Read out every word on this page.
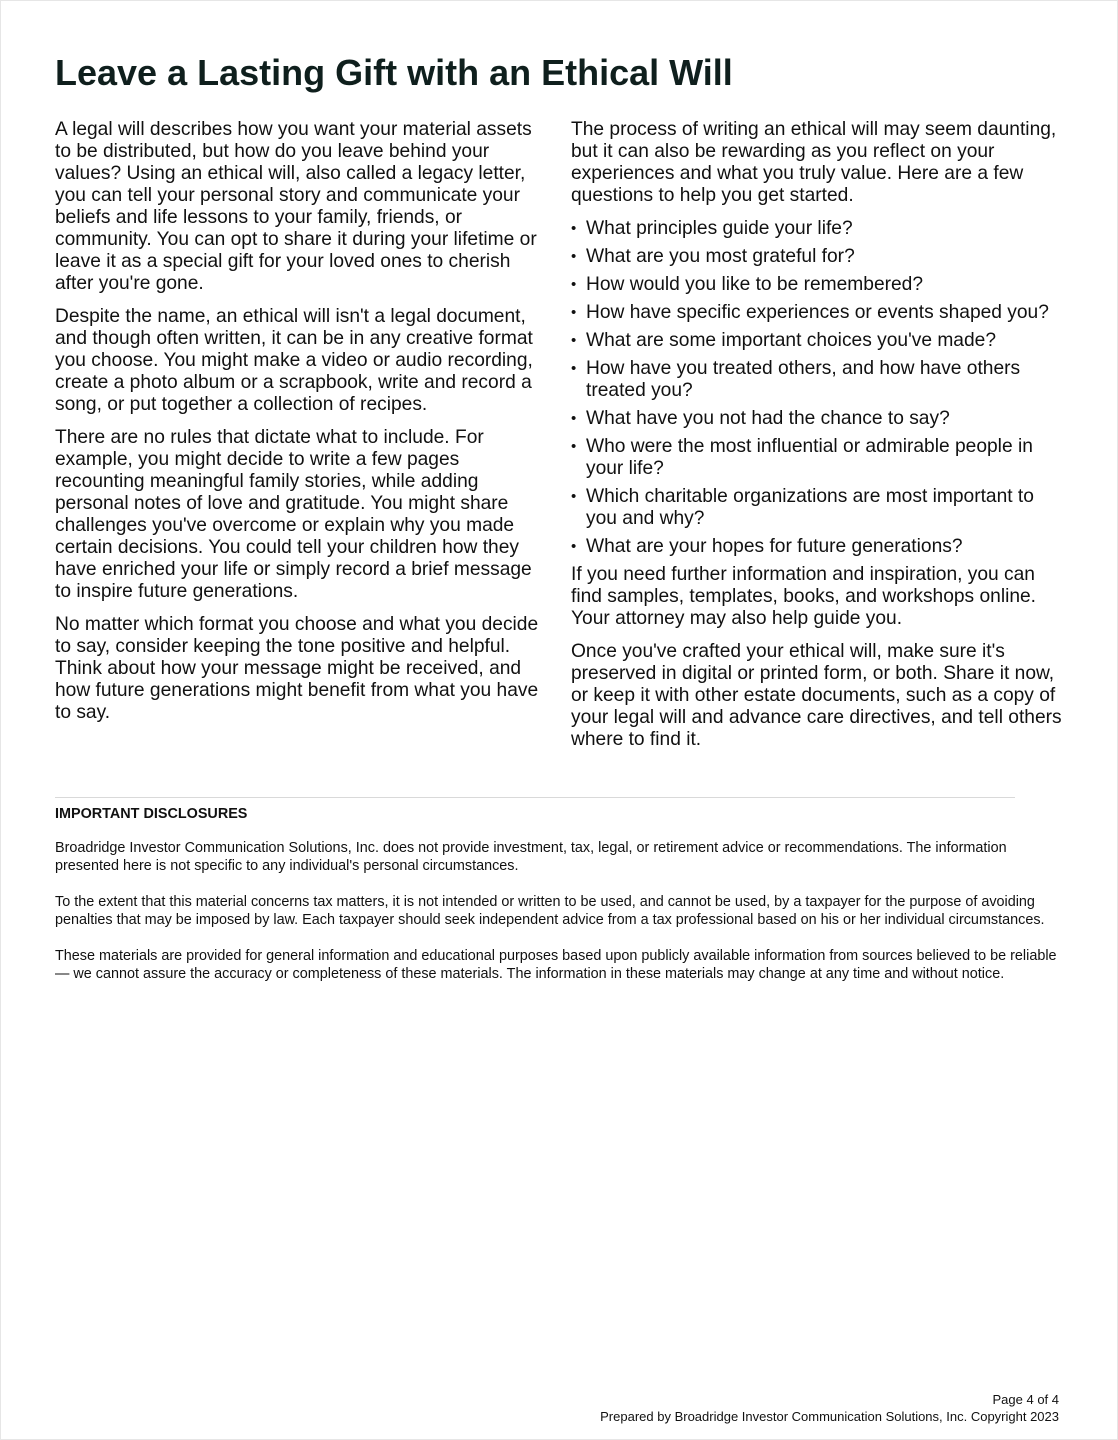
Leave a Lasting Gift with an Ethical Will

A legal will describes how you want your material assets to be distributed, but how do you leave behind your values? Using an ethical will, also called a legacy letter, you can tell your personal story and communicate your beliefs and life lessons to your family, friends, or community. You can opt to share it during your lifetime or leave it as a special gift for your loved ones to cherish after you're gone.

Despite the name, an ethical will isn't a legal document, and though often written, it can be in any creative format you choose. You might make a video or audio recording, create a photo album or a scrapbook, write and record a song, or put together a collection of recipes.

There are no rules that dictate what to include. For example, you might decide to write a few pages recounting meaningful family stories, while adding personal notes of love and gratitude. You might share challenges you've overcome or explain why you made certain decisions. You could tell your children how they have enriched your life or simply record a brief message to inspire future generations.

No matter which format you choose and what you decide to say, consider keeping the tone positive and helpful. Think about how your message might be received, and how future generations might benefit from what you have to say.

The process of writing an ethical will may seem daunting, but it can also be rewarding as you reflect on your experiences and what you truly value. Here are a few questions to help you get started.

• What principles guide your life?
• What are you most grateful for?
• How would you like to be remembered?
• How have specific experiences or events shaped you?
• What are some important choices you've made?
• How have you treated others, and how have others treated you?
• What have you not had the chance to say?
• Who were the most influential or admirable people in your life?
• Which charitable organizations are most important to you and why?
• What are your hopes for future generations?

If you need further information and inspiration, you can find samples, templates, books, and workshops online. Your attorney may also help guide you.

Once you've crafted your ethical will, make sure it's preserved in digital or printed form, or both. Share it now, or keep it with other estate documents, such as a copy of your legal will and advance care directives, and tell others where to find it.

IMPORTANT DISCLOSURES

Broadridge Investor Communication Solutions, Inc. does not provide investment, tax, legal, or retirement advice or recommendations. The information presented here is not specific to any individual's personal circumstances.

To the extent that this material concerns tax matters, it is not intended or written to be used, and cannot be used, by a taxpayer for the purpose of avoiding penalties that may be imposed by law. Each taxpayer should seek independent advice from a tax professional based on his or her individual circumstances.

These materials are provided for general information and educational purposes based upon publicly available information from sources believed to be reliable — we cannot assure the accuracy or completeness of these materials. The information in these materials may change at any time and without notice.

Page 4 of 4
Prepared by Broadridge Investor Communication Solutions, Inc. Copyright 2023
